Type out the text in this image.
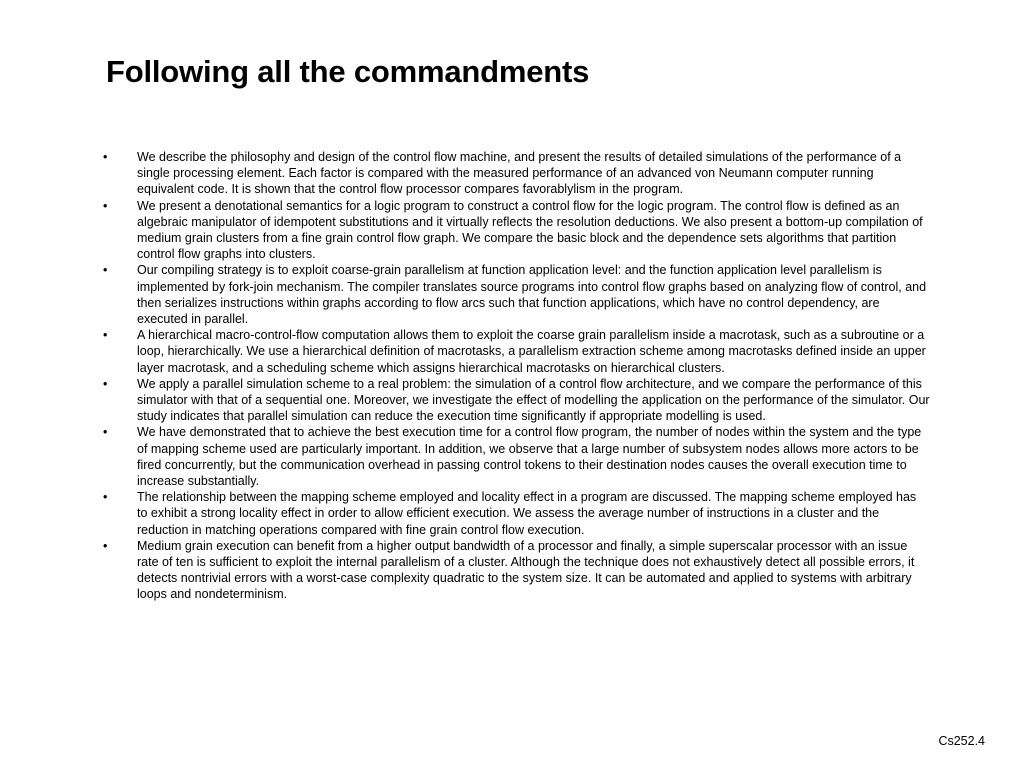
Following all the commandments
• We describe the philosophy and design of the control flow machine, and present the results of detailed simulations of the performance of a single processing element. Each factor is compared with the measured performance of an advanced von Neumann computer running equivalent code. It is shown that the control flow processor compares favorablylism in the program.
• We present a denotational semantics for a logic program to construct a control flow for the logic program. The control flow is defined as an algebraic manipulator of idempotent substitutions and it virtually reflects the resolution deductions. We also present a bottom-up compilation of medium grain clusters from a fine grain control flow graph. We compare the basic block and the dependence sets algorithms that partition control flow graphs into clusters.
• Our compiling strategy is to exploit coarse-grain parallelism at function application level: and the function application level parallelism is implemented by fork-join mechanism. The compiler translates source programs into control flow graphs based on analyzing flow of control, and then serializes instructions within graphs according to flow arcs such that function applications, which have no control dependency, are executed in parallel.
• A hierarchical macro-control-flow computation allows them to exploit the coarse grain parallelism inside a macrotask, such as a subroutine or a loop, hierarchically. We use a hierarchical definition of macrotasks, a parallelism extraction scheme among macrotasks defined inside an upper layer macrotask, and a scheduling scheme which assigns hierarchical macrotasks on hierarchical clusters.
• We apply a parallel simulation scheme to a real problem: the simulation of a control flow architecture, and we compare the performance of this simulator with that of a sequential one. Moreover, we investigate the effect of modelling the application on the performance of the simulator. Our study indicates that parallel simulation can reduce the execution time significantly if appropriate modelling is used.
• We have demonstrated that to achieve the best execution time for a control flow program, the number of nodes within the system and the type of mapping scheme used are particularly important. In addition, we observe that a large number of subsystem nodes allows more actors to be fired concurrently, but the communication overhead in passing control tokens to their destination nodes causes the overall execution time to increase substantially.
• The relationship between the mapping scheme employed and locality effect in a program are discussed. The mapping scheme employed has to exhibit a strong locality effect in order to allow efficient execution. We assess the average number of instructions in a cluster and the reduction in matching operations compared with fine grain control flow execution.
• Medium grain execution can benefit from a higher output bandwidth of a processor and finally, a simple superscalar processor with an issue rate of ten is sufficient to exploit the internal parallelism of a cluster. Although the technique does not exhaustively detect all possible errors, it detects nontrivial errors with a worst-case complexity quadratic to the system size. It can be automated and applied to systems with arbitrary loops and nondeterminism.
Cs252.4
